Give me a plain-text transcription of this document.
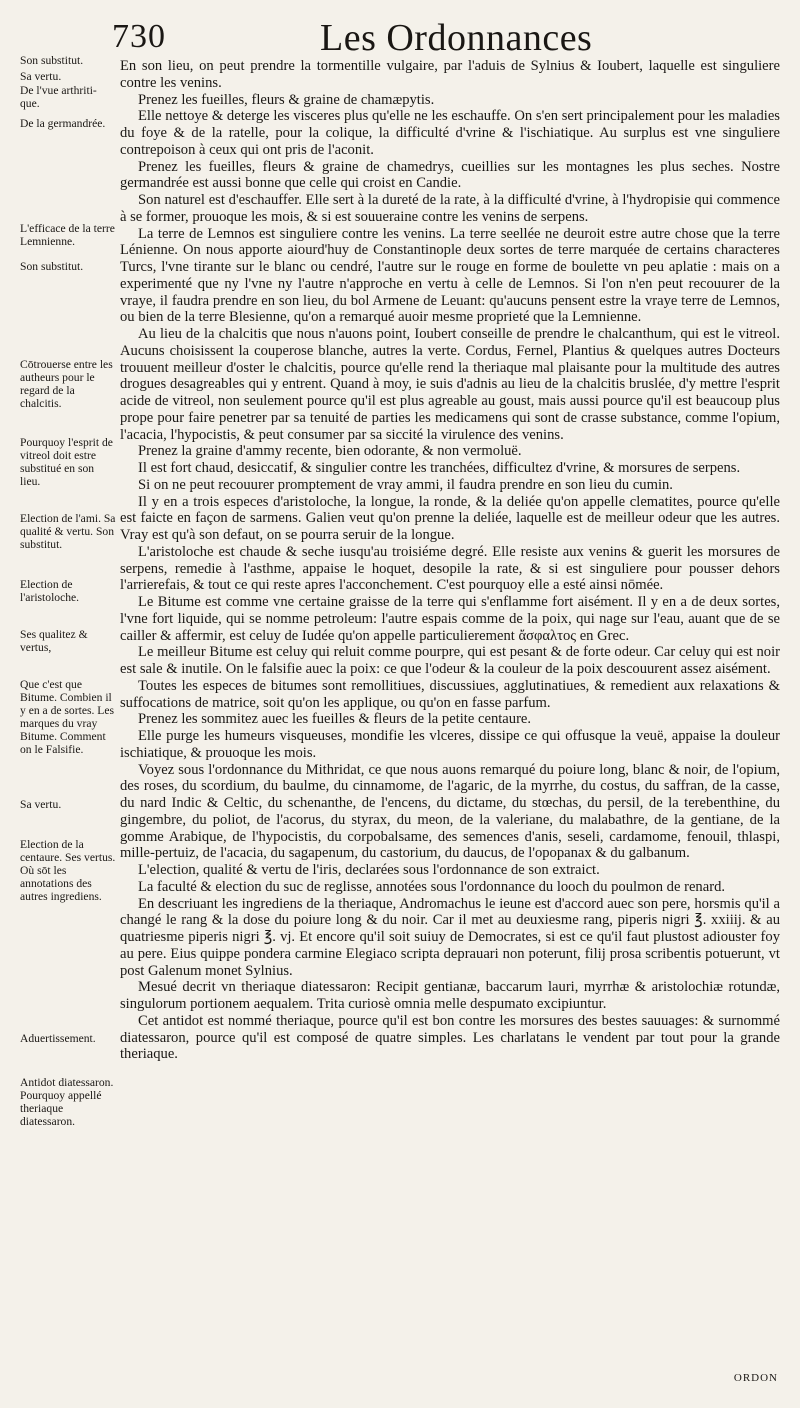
730	Les Ordonnances
Son substitut.
Sa vertu.
De l'vue arthriti-que.
De la germandrée.
L'efficace de la terre Lemnienne.
Son substitut.
Cōtrouerse entre les autheurs pour le regard de la chalcitis.
Pourquoy l'esprit de vitreol doit estre substitué en son lieu.
Election de l'ami. Sa qualité & vertu. Son substitut.
Election de l'aristoloche.
Ses qualitez & vertus,
Que c'est que Bitume. Combien il y en a de sortes. Les marques du vray Bitume. Comment on le Falsifie.
Sa vertu.
Election de la centaure. Ses vertus. Où sōt les annotations des autres ingrediens.
Aduertissement.
Antidot diatessaron. Pourquoy appellé theriaque diatessaron.

En son lieu, on peut prendre la tormentille vulgaire, par l'aduis de Sylnius & Ioubert, laquelle est singuliere contre les venins.

Prenez les fueilles, fleurs & graine de chamæpytis.

Elle nettoye & deterge les visceres plus qu'elle ne les eschauffe. On s'en sert principalement pour les maladies du foye & de la ratelle, pour la colique, la difficulté d'vrine & l'ischiatique. Au surplus est vne singuliere contrepoison à ceux qui ont pris de l'aconit.

Prenez les fueilles, fleurs & graine de chamedrys, cueillies sur les montagnes les plus seches. Nostre germandrée est aussi bonne que celle qui croist en Candie.

Son naturel est d'eschauffer. Elle sert à la dureté de la rate, à la difficulté d'vrine, à l'hydropisie qui commence à se former, prouoque les mois, & si est souueraine contre les venins de serpens.

La terre de Lemnos est singuliere contre les venins. La terre seellée ne deuroit estre autre chose que la terre Lénienne. On nous apporte aiourd'huy de Constantinople deux sortes de terre marquée de certains characteres Turcs, l'vne tirante sur le blanc ou cendré, l'autre sur le rouge en forme de boulette vn peu aplatie : mais on a experimenté que ny l'vne ny l'autre n'approche en vertu à celle de Lemnos. Si l'on n'en peut recouurer de la vraye, il faudra prendre en son lieu, du bol Armene de Leuant: qu'aucuns pensent estre la vraye terre de Lemnos, ou bien de la terre Blesienne, qu'on a remarqué auoir mesme proprieté que la Lemnienne.

Au lieu de la chalcitis que nous n'auons point, Ioubert conseille de prendre le chalcanthum, qui est le vitreol. Aucuns choisissent la couperose blanche, autres la verte. Cordus, Fernel, Plantius & quelques autres Docteurs trouuent meilleur d'oster le chalcitis, pource qu'elle rend la theriaque mal plaisante pour la multitude des autres drogues desagreables qui y entrent. Quand à moy, ie suis d'adnis au lieu de la chalcitis bruslée, d'y mettre l'esprit acide de vitreol, non seulement pource qu'il est plus agreable au goust, mais aussi pource qu'il est beaucoup plus prope pour faire penetrer par sa tenuité de parties les medicamens qui sont de crasse substance, comme l'opium, l'acacia, l'hypocistis, & peut consumer par sa siccité la virulence des venins.

Prenez la graine d'ammy recente, bien odorante, & non vermoluë.

Il est fort chaud, desiccatif, & singulier contre les tranchées, difficultez d'vrine, & morsures de serpens.

Si on ne peut recouurer promptement de vray ammi, il faudra prendre en son lieu du cumin.

Il y en a trois especes d'aristoloche, la longue, la ronde, & la deliée qu'on appelle clematites, pource qu'elle est faicte en façon de sarmens. Galien veut qu'on prenne la deliée, laquelle est de meilleur odeur que les autres. Vray est qu'à son defaut, on se pourra seruir de la longue.

L'aristoloche est chaude & seche iusqu'au troisiéme degré. Elle resiste aux venins & guerit les morsures de serpens, remedie à l'asthme, appaise le hoquet, desopile la rate, & si est singuliere pour pousser dehors l'arrierefais, & tout ce qui reste apres l'acconchement. C'est pourquoy elle a esté ainsi nōmée.

Le Bitume est comme vne certaine graisse de la terre qui s'enflamme fort aisément. Il y en a de deux sortes, l'vne fort liquide, qui se nomme petroleum: l'autre espais comme de la poix, qui nage sur l'eau, auant que de se cailler & affermir, est celuy de Iudée qu'on appelle particulierement ἄσφαλτος en Grec.

Le meilleur Bitume est celuy qui reluit comme pourpre, qui est pesant & de forte odeur. Car celuy qui est noir est sale & inutile. On le falsifie auec la poix: ce que l'odeur & la couleur de la poix descouurent assez aisément.

Toutes les especes de bitumes sont remollitiues, discussiues, agglutinatiues, & remedient aux relaxations & suffocations de matrice, soit qu'on les applique, ou qu'on en fasse parfum.

Prenez les sommitez auec les fueilles & fleurs de la petite centaure.

Elle purge les humeurs visqueuses, mondifie les vlceres, dissipe ce qui offusque la veuë, appaise la douleur ischiatique, & prouoque les mois.

Voyez sous l'ordonnance du Mithridat, ce que nous auons remarqué du poiure long, blanc & noir, de l'opium, des roses, du scordium, du baulme, du cinnamome, de l'agaric, de la myrrhe, du costus, du saffran, de la casse, du nard Indic & Celtic, du schenanthe, de l'encens, du dictame, du stœchas, du persil, de la terebenthine, du gingembre, du poliot, de l'acorus, du styrax, du meon, de la valeriane, du malabathre, de la gentiane, de la gomme Arabique, de l'hypocistis, du corpobalsame, des semences d'anis, seseli, cardamome, fenouil, thlaspi, mille-pertuiz, de l'acacia, du sagapenum, du castorium, du daucus, de l'opopanax & du galbanum.

L'election, qualité & vertu de l'iris, declarées sous l'ordonnance de son extraict.

La faculté & election du suc de reglisse, annotées sous l'ordonnance du looch du poulmon de renard.

En descriuant les ingrediens de la theriaque, Andromachus le ieune est d'accord auec son pere, horsmis qu'il a changé le rang & la dose du poiure long & du noir. Car il met au deuxiesme rang, piperis nigri ℥. xxiiij. & au quatriesme piperis nigri ℥. vj. Et encore qu'il soit suiuy de Democrates, si est ce qu'il faut plustost adiouster foy au pere. Eius quippe pondera carmine Elegiaco scripta deprauari non poterunt, filij prosa scribentis potuerunt, vt post Galenum monet Sylnius.

Mesué decrit vn theriaque diatessaron: Recipit gentianæ, baccarum lauri, myrrhæ & aristolochiæ rotundæ, singulorum portionem aequalem. Trita curiosè omnia melle despumato excipiuntur.

Cet antidot est nommé theriaque, pource qu'il est bon contre les morsures des bestes sauuages: & surnommé diatessaron, pource qu'il est composé de quatre simples. Les charlatans le vendent par tout pour la grande theriaque.

ORDON
